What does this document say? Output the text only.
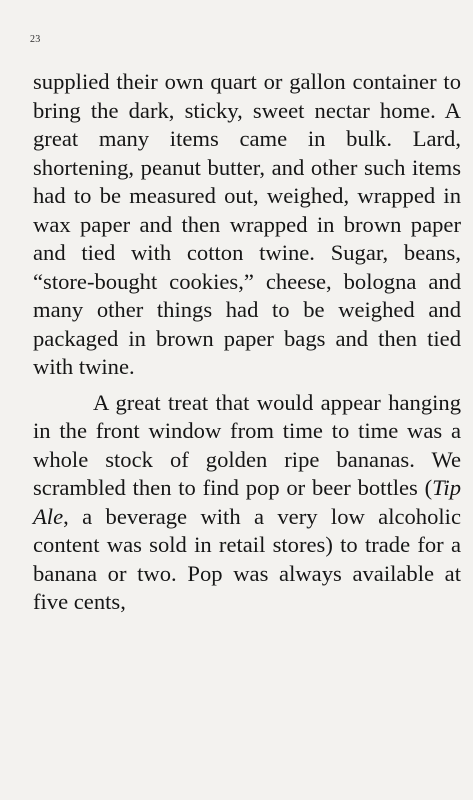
23

supplied their own quart or gallon container to bring the dark, sticky, sweet nectar home. A great many items came in bulk. Lard, shortening, peanut butter, and other such items had to be measured out, weighed, wrapped in wax paper and then wrapped in brown paper and tied with cotton twine. Sugar, beans, “store-bought cookies,” cheese, bologna and many other things had to be weighed and packaged in brown paper bags and then tied with twine.

A great treat that would appear hanging in the front window from time to time was a whole stock of golden ripe bananas. We scrambled then to find pop or beer bottles (Tip Ale, a beverage with a very low alcoholic content was sold in retail stores) to trade for a banana or two. Pop was always available at five cents,
